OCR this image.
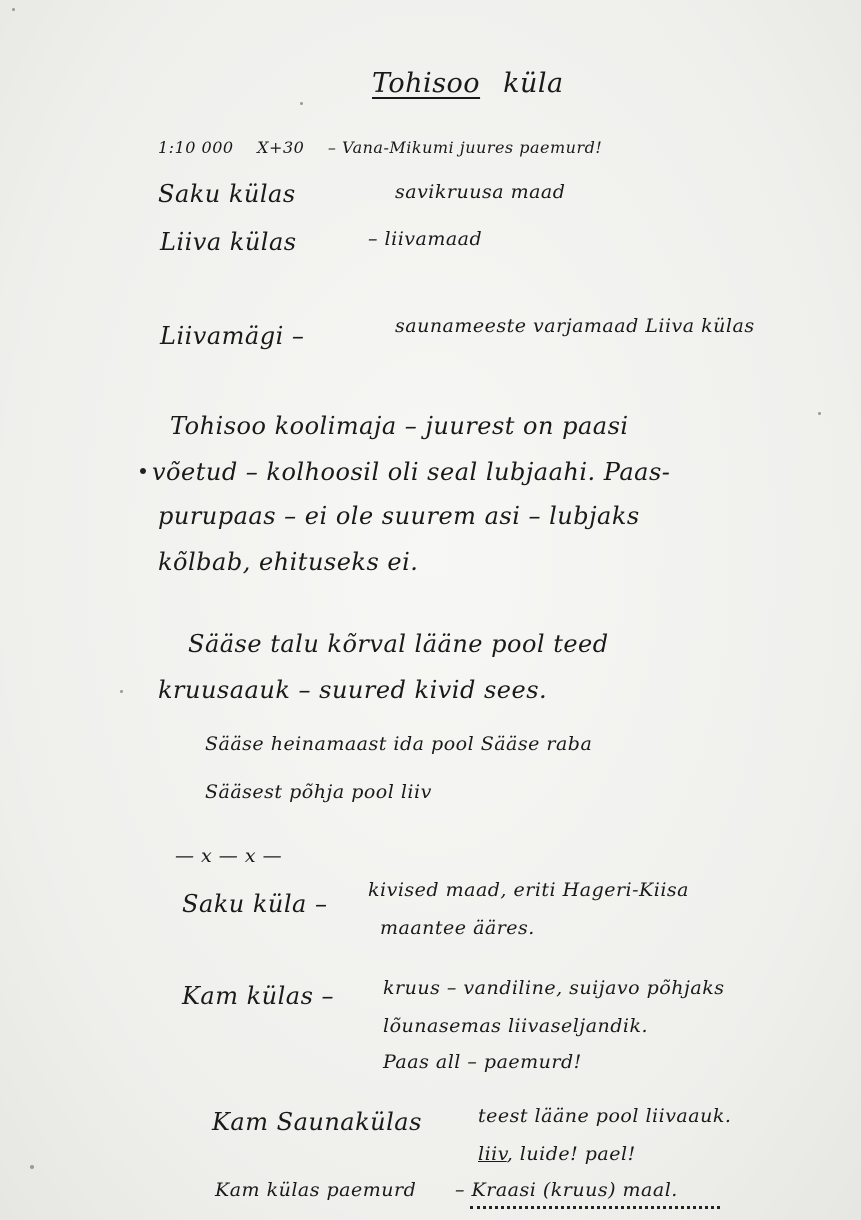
Tohisoo küla
1:10 000 X+30 – Vana-Mikumi juures paemurd!
Saku külas	savikruusa maad
Liiva külas	– liivamaad
Liivamägi –	saunameeste varjamaad Liiva külas
Tohisoo koolimaja – juurest on paasi
võetud – kolhoosil oli seal lubjaahi. Paas-
purupaas – ei ole suurem asi – lubjaks
kõlbab, ehituseks ei.
Sääse talu kõrval lääne pool teed
kruusaauk – suured kivid sees.
Sääse heinamaast ida pool Sääse raba
Sääsest põhja pool liiv
— x — x —
Saku küla – kivised maad, eriti Hageri-Kiisa
maantee ääres.
Kam külas –	kruus – vandiline, suijavo põhjaks
lõunasemas liivaseljandik.
Paas all – paemurd!
Kam Saunakülas	teest lääne pool liivaauk.
liiv, luide! pael!
Kam külas paemurd – Kraasi (kruus) maal.
